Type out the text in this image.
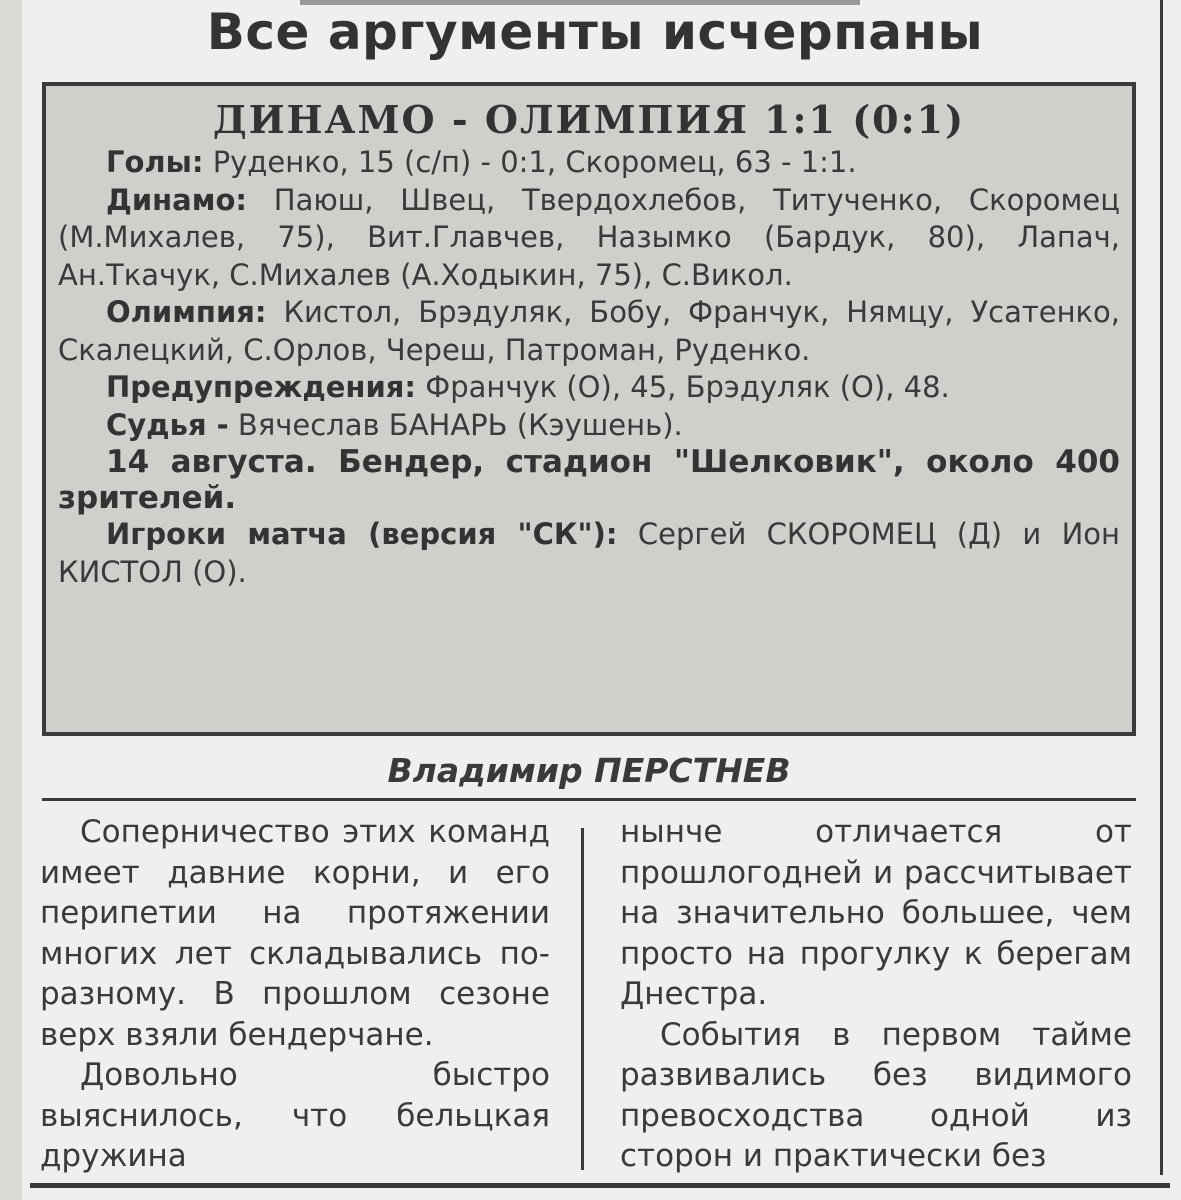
Все аргументы исчерпаны
ДИНАМО - ОЛИМПИЯ 1:1 (0:1)

Голы: Руденко, 15 (с/п) - 0:1, Скоромец, 63 - 1:1.

Динамо: Паюш, Швец, Твердохлебов, Титученко, Скоромец (М.Михалев, 75), Вит.Главчев, Назымко (Бардук, 80), Лапач, Ан.Ткачук, С.Михалев (А.Ходыкин, 75), С.Викол.

Олимпия: Кистол, Брэдуляк, Бобу, Франчук, Нямцу, Усатенко, Скалецкий, С.Орлов, Череш, Патроман, Руденко.

Предупреждения: Франчук (О), 45, Брэдуляк (О), 48.

Судья - Вячеслав БАНАРЬ (Кэушень).

14 августа. Бендер, стадион "Шелковик", около 400 зрителей.

Игроки матча (версия "СК"): Сергей СКОРОМЕЦ (Д) и Ион КИСТОЛ (О).

Владимир ПЕРСТНЕВ

Соперничество этих команд имеет давние корни, и его перипетии на протяжении многих лет складывались по-разному. В прошлом сезоне верх взяли бендерчане.

Довольно быстро выяснилось, что бельцкая дружина

нынче отличается от прошлогодней и рассчитывает на значительно большее, чем просто на прогулку к берегам Днестра.

События в первом тайме развивались без видимого превосходства одной из сторон и практически без
